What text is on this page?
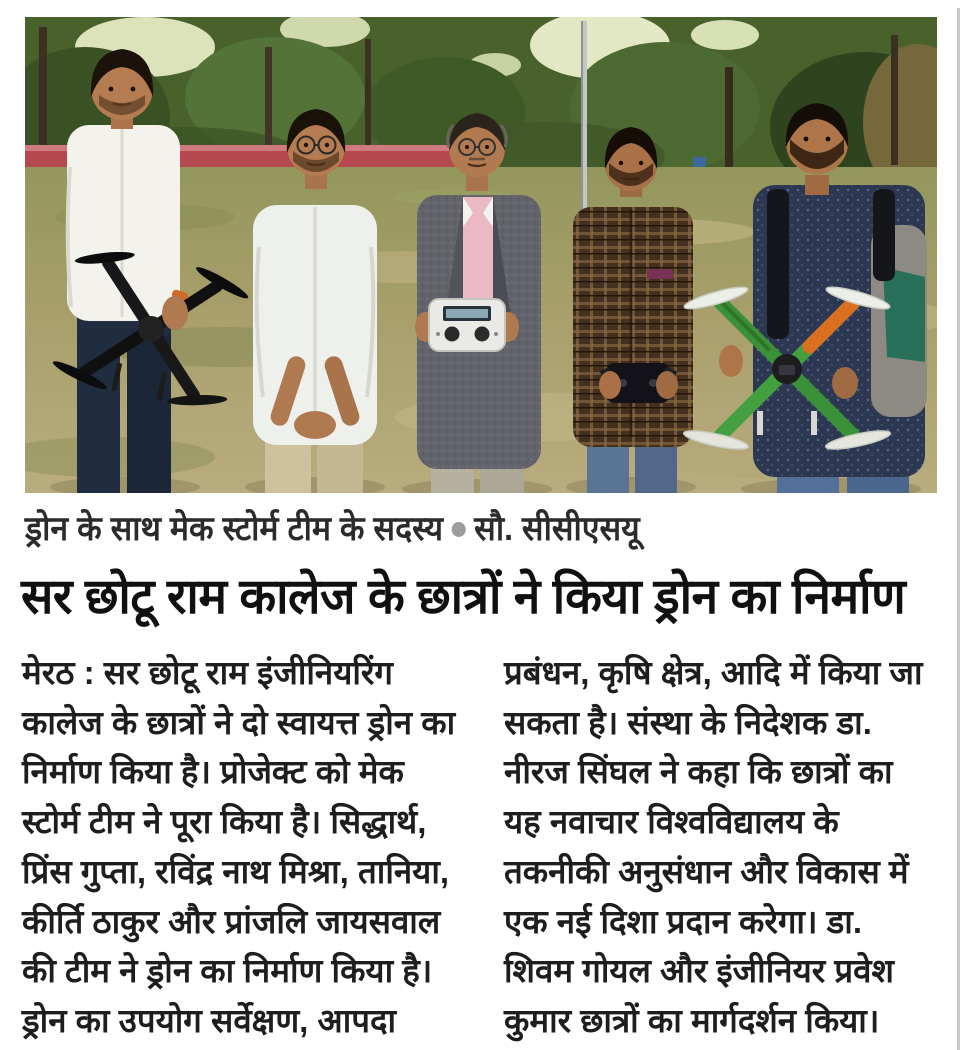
ड्रोन के साथ मेक स्टोर्म टीम के सदस्य सौ. सीसीएसयू
सर छोटू राम कालेज के छात्रों ने किया ड्रोन का निर्माण
मेरठ : सर छोटू राम इंजीनियरिंग
कालेज के छात्रों ने दो स्वायत्त ड्रोन का
निर्माण किया है। प्रोजेक्ट को मेक
स्टोर्म टीम ने पूरा किया है। सिद्धार्थ,
प्रिंस गुप्ता, रविंद्र नाथ मिश्रा, तानिया,
कीर्ति ठाकुर और प्रांजलि जायसवाल
की टीम ने ड्रोन का निर्माण किया है।
ड्रोन का उपयोग सर्वेक्षण, आपदा
प्रबंधन, कृषि क्षेत्र, आदि में किया जा
सकता है। संस्था के निदेशक डा.
नीरज सिंघल ने कहा कि छात्रों का
यह नवाचार विश्वविद्यालय के
तकनीकी अनुसंधान और विकास में
एक नई दिशा प्रदान करेगा। डा.
शिवम गोयल और इंजीनियर प्रवेश
कुमार छात्रों का मार्गदर्शन किया।
